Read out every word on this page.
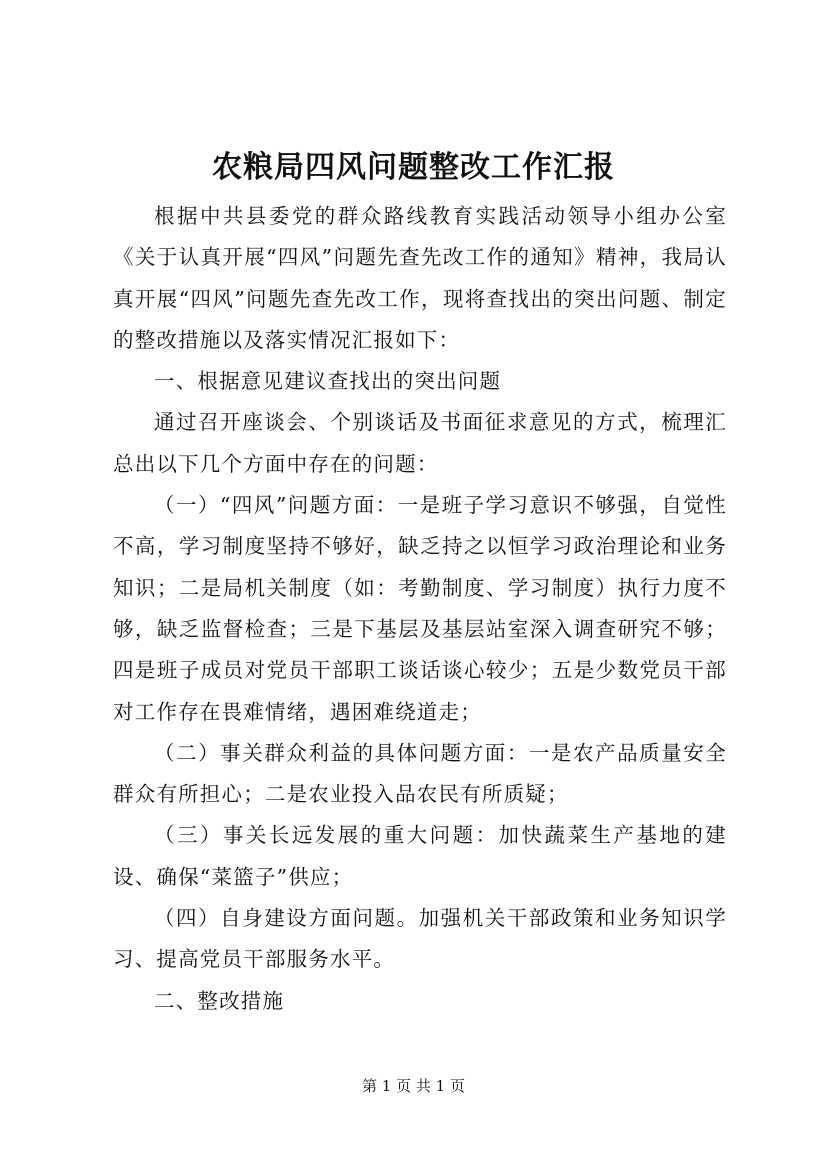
农粮局四风问题整改工作汇报

根据中共县委党的群众路线教育实践活动领导小组办公室《关于认真开展“四风”问题先查先改工作的通知》精神，我局认真开展“四风”问题先查先改工作，现将查找出的突出问题、制定的整改措施以及落实情况汇报如下：

一、根据意见建议查找出的突出问题

通过召开座谈会、个别谈话及书面征求意见的方式，梳理汇总出以下几个方面中存在的问题：

（一）“四风”问题方面：一是班子学习意识不够强，自觉性不高，学习制度坚持不够好，缺乏持之以恒学习政治理论和业务知识；二是局机关制度（如：考勤制度、学习制度）执行力度不够，缺乏监督检查；三是下基层及基层站室深入调查研究不够；四是班子成员对党员干部职工谈话谈心较少；五是少数党员干部对工作存在畏难情绪，遇困难绕道走；

（二）事关群众利益的具体问题方面：一是农产品质量安全群众有所担心；二是农业投入品农民有所质疑；

（三）事关长远发展的重大问题：加快蔬菜生产基地的建设、确保“菜篮子”供应；

（四）自身建设方面问题。加强机关干部政策和业务知识学习、提高党员干部服务水平。

二、整改措施

第 1 页 共 1 页
